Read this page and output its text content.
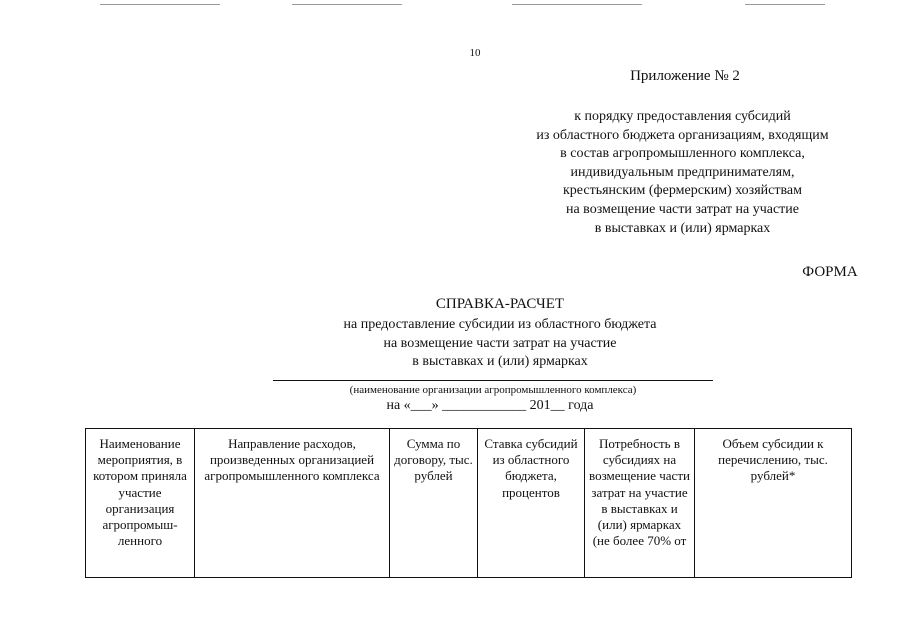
10
Приложение № 2
к порядку предоставления субсидий
из областного бюджета организациям, входящим
в состав агропромышленного комплекса,
индивидуальным предпринимателям,
крестьянским (фермерским) хозяйствам
на возмещение части затрат на участие
в выставках и (или) ярмарках
ФОРМА
СПРАВКА-РАСЧЕТ
на предоставление субсидии из областного бюджета
на возмещение части затрат на участие
в выставках и (или) ярмарках
(наименование организации агропромышленного комплекса)
на «___» ____________ 201__ года
Наименование мероприятия, в котором приняла участие организация агропромыш-ленного	Направление расходов, произведенных организацией агропромышленного комплекса	Сумма по договору, тыс. рублей	Ставка субсидий из областного бюджета, процентов	Потребность в субсидиях на возмещение части затрат на участие в выставках и (или) ярмарках (не более 70% от	Объем субсидии к перечислению, тыс. рублей*
